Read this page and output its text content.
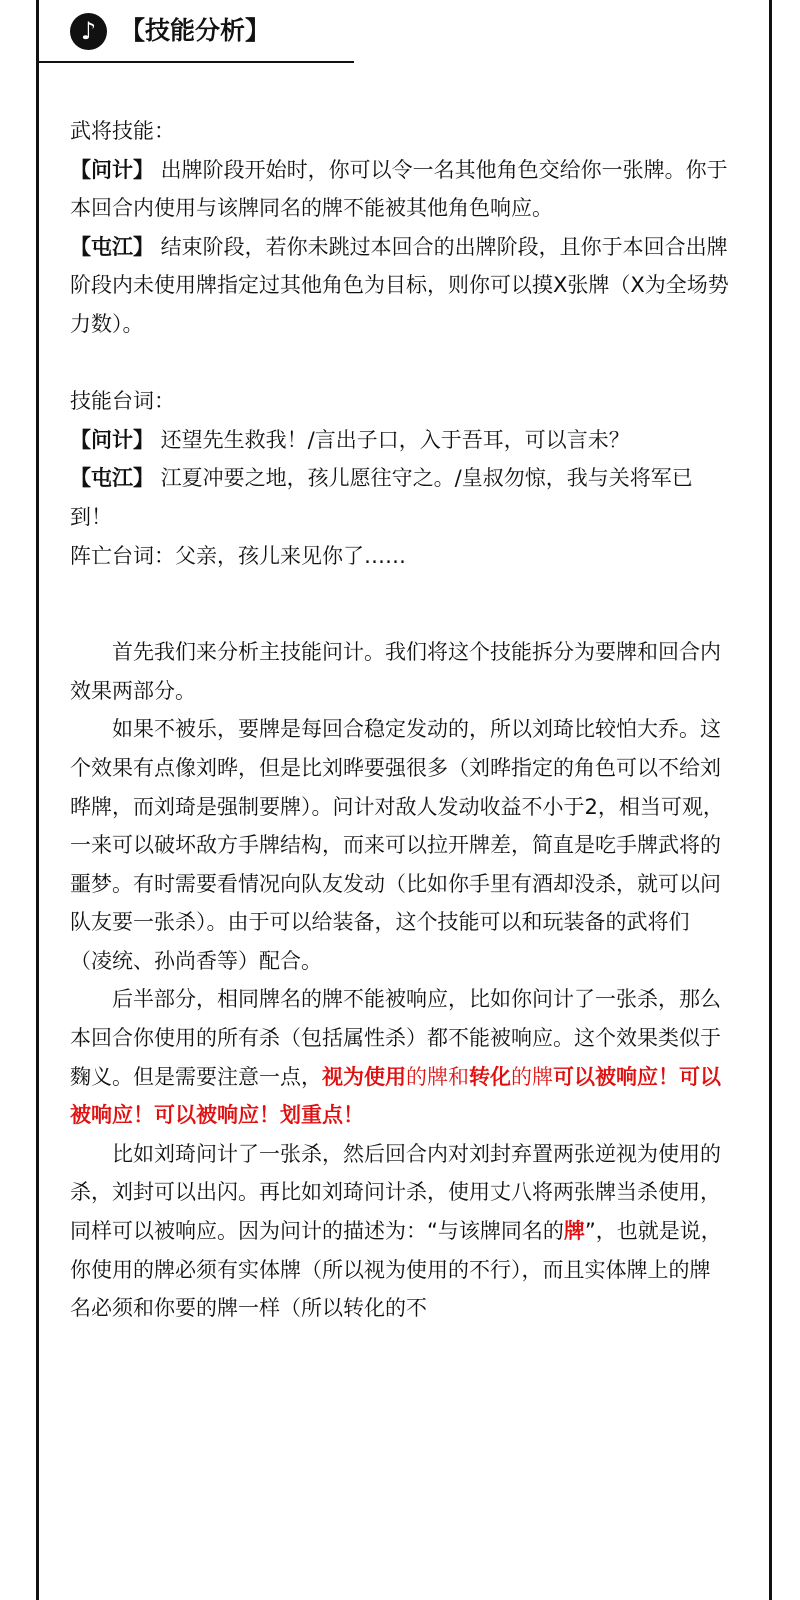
♪ 【技能分析】

武将技能：

【问计】 出牌阶段开始时，你可以令一名其他角色交给你一张牌。你于本回合内使用与该牌同名的牌不能被其他角色响应。

【屯江】 结束阶段，若你未跳过本回合的出牌阶段，且你于本回合出牌阶段内未使用牌指定过其他角色为目标，则你可以摸X张牌（X为全场势力数）。

技能台词：

【问计】 还望先生救我！/言出子口，入于吾耳，可以言未？

【屯江】 江夏冲要之地，孩儿愿往守之。/皇叔勿惊，我与关将军已到！

阵亡台词：父亲，孩儿来见你了……

首先我们来分析主技能问计。我们将这个技能拆分为要牌和回合内效果两部分。

如果不被乐，要牌是每回合稳定发动的，所以刘琦比较怕大乔。这个效果有点像刘晔，但是比刘晔要强很多（刘晔指定的角色可以不给刘晔牌，而刘琦是强制要牌）。问计对敌人发动收益不小于2，相当可观，一来可以破坏敌方手牌结构，而来可以拉开牌差，简直是吃手牌武将的噩梦。有时需要看情况向队友发动（比如你手里有酒却没杀，就可以问队友要一张杀）。由于可以给装备，这个技能可以和玩装备的武将们（凌统、孙尚香等）配合。

后半部分，相同牌名的牌不能被响应，比如你问计了一张杀，那么本回合你使用的所有杀（包括属性杀）都不能被响应。这个效果类似于麴义。但是需要注意一点，视为使用的牌和转化的牌可以被响应！可以被响应！可以被响应！划重点！

比如刘琦问计了一张杀，然后回合内对刘封弃置两张逆视为使用的杀，刘封可以出闪。再比如刘琦问计杀，使用丈八将两张牌当杀使用，同样可以被响应。因为问计的描述为：“与该牌同名的牌”，也就是说，你使用的牌必须有实体牌（所以视为使用的不行），而且实体牌上的牌名必须和你要的牌一样（所以转化的不
